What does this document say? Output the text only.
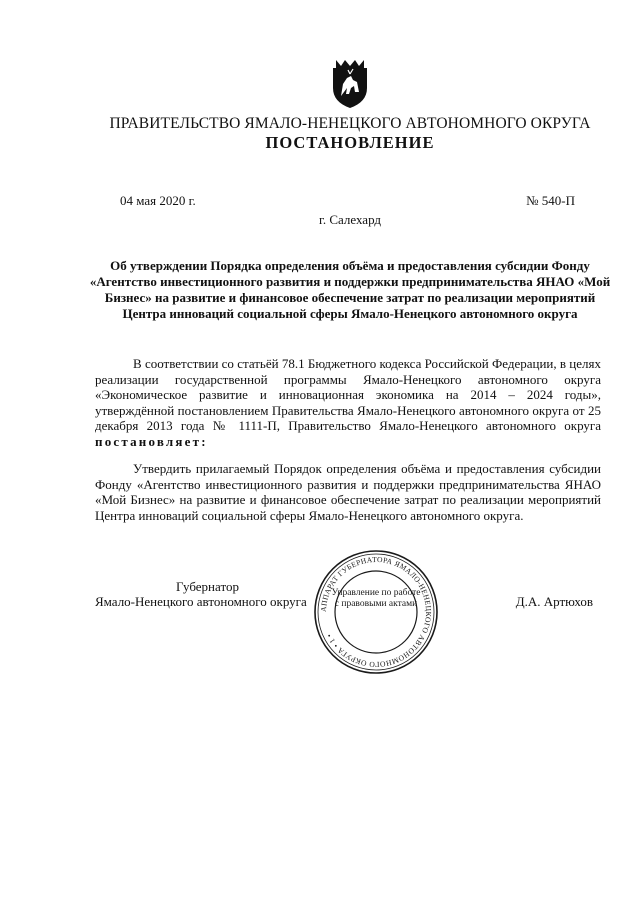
ПРАВИТЕЛЬСТВО ЯМАЛО-НЕНЕЦКОГО АВТОНОМНОГО ОКРУГА
ПОСТАНОВЛЕНИЕ
04 мая 2020 г.	№ 540-П
г. Салехард
Об утверждении Порядка определения объёма и предоставления субсидии Фонду «Агентство инвестиционного развития и поддержки предпринимательства ЯНАО «Мой Бизнес» на развитие и финансовое обеспечение затрат по реализации мероприятий Центра инноваций социальной сферы Ямало-Ненецкого автономного округа
В соответствии со статьёй 78.1 Бюджетного кодекса Российской Федерации, в целях реализации государственной программы Ямало-Ненецкого автономного округа «Экономическое развитие и инновационная экономика на 2014 – 2024 годы», утверждённой постановлением Правительства Ямало-Ненецкого автономного округа от 25 декабря 2013 года № 1111-П, Правительство Ямало-Ненецкого автономного округа постановляет:
Утвердить прилагаемый Порядок определения объёма и предоставления субсидии Фонду «Агентство инвестиционного развития и поддержки предпринимательства ЯНАО «Мой Бизнес» на развитие и финансовое обеспечение затрат по реализации мероприятий Центра инноваций социальной сферы Ямало-Ненецкого автономного округа.
Губернатор
Ямало-Ненецкого автономного округа	Д.А. Артюхов
АППАРАТ ГУБЕРНАТОРА ЯМАЛО-НЕНЕЦКОГО АВТОНОМНОГО ОКРУГА • 1 •
Управление по работе с правовыми актами
